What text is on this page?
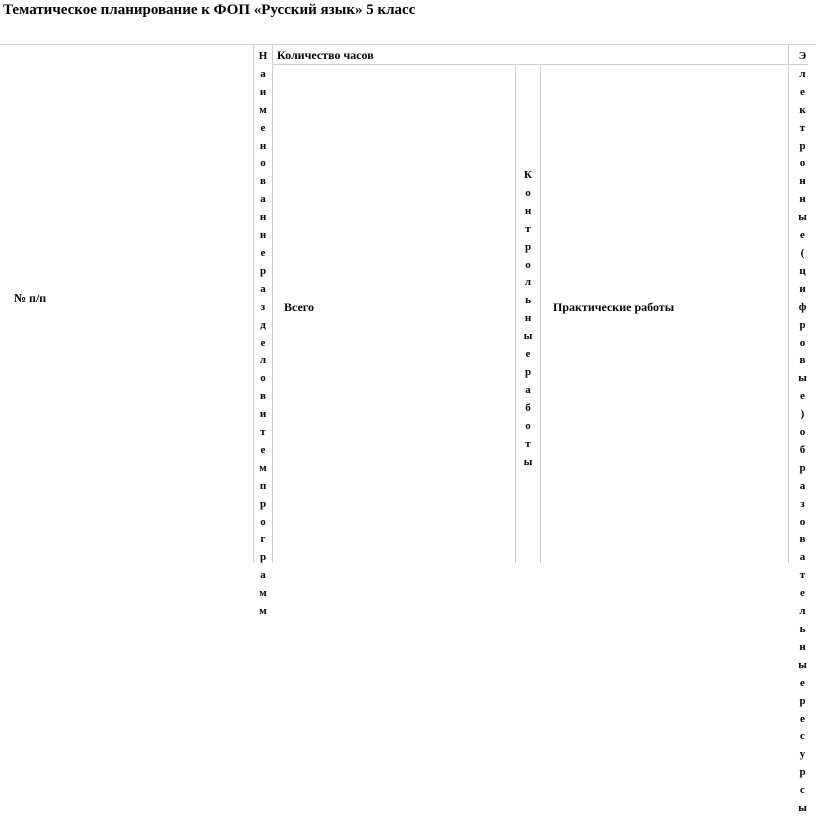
Тематическое планирование к ФОП «Русский язык» 5 класс
№ п/п
Н
а
и
м
е
н
о
в
а
н
и
е
р
а
з
д
е
л
о
в
и
т
е
м
п
р
о
г
р
а
м
м
Количество часов
Всего
К
о
н
т
р
о
л
ь
н
ы
е
р
а
б
о
т
ы
Практические работы
Э
л
е
к
т
р
о
н
н
ы
е
(
ц
и
ф
р
о
в
ы
е
)
о
б
р
а
з
о
в
а
т
е
л
ь
н
ы
е
р
е
с
у
р
с
ы
